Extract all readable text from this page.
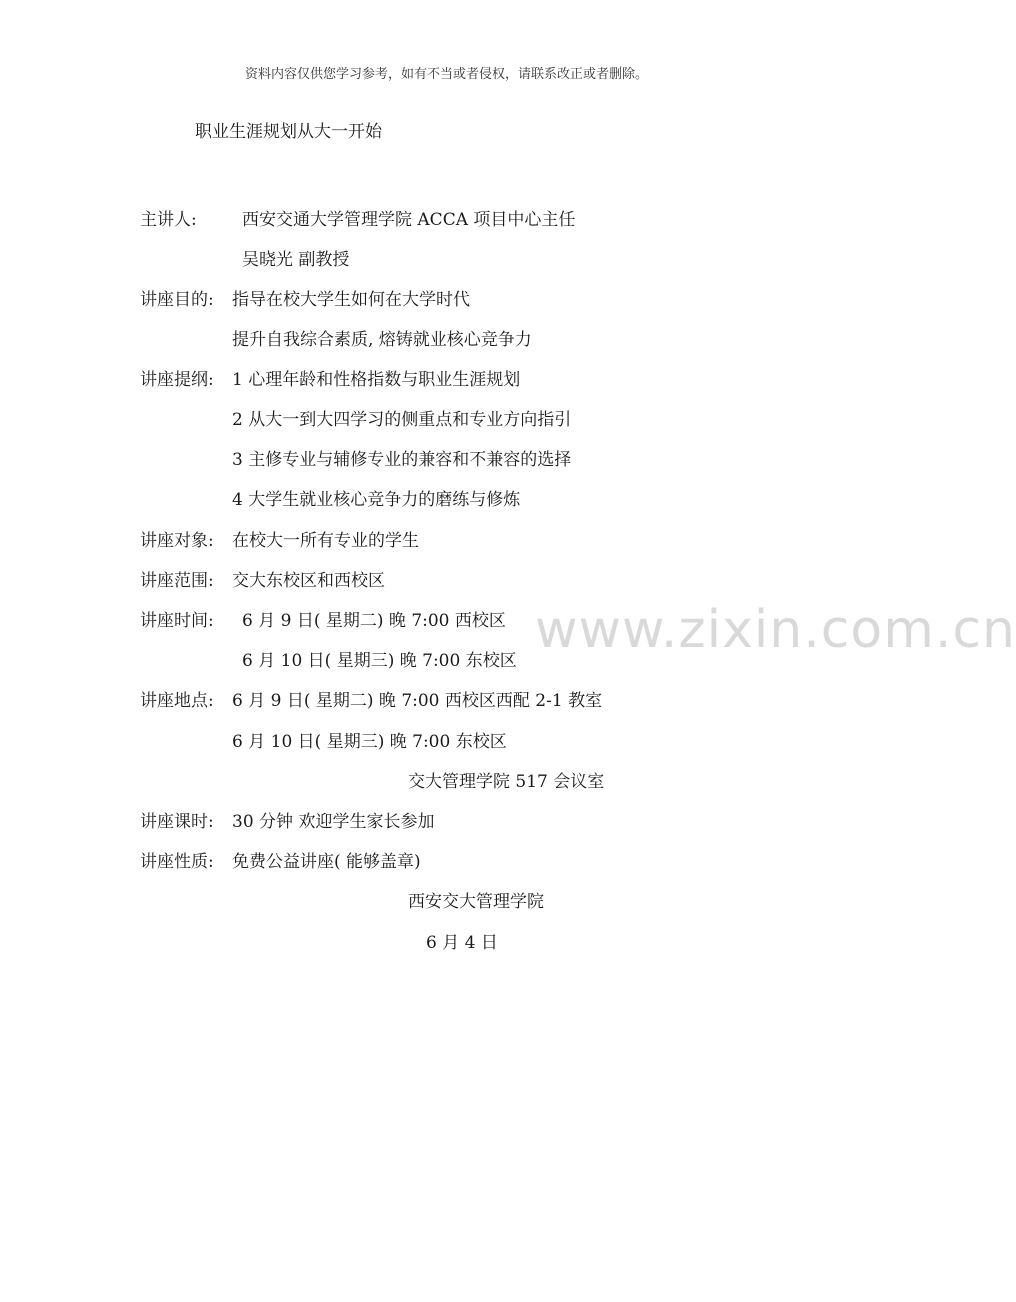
www.zixin.com.cn
资料内容仅供您学习参考，如有不当或者侵权，请联系改正或者删除。
职业生涯规划从大一开始
主讲人:	西安交通大学管理学院 ACCA 项目中心主任
吴晓光 副教授
讲座目的: 指导在校大学生如何在大学时代
提升自我综合素质, 熔铸就业核心竞争力
讲座提纲: 1 心理年龄和性格指数与职业生涯规划
2 从大一到大四学习的侧重点和专业方向指引
3 主修专业与辅修专业的兼容和不兼容的选择
4 大学生就业核心竞争力的磨练与修炼
讲座对象: 在校大一所有专业的学生
讲座范围: 交大东校区和西校区
讲座时间: 6 月 9 日( 星期二) 晚 7:00 西校区
6 月 10 日( 星期三) 晚 7:00 东校区
讲座地点: 6 月 9 日( 星期二) 晚 7:00 西校区西配 2-1 教室
6 月 10 日( 星期三) 晚 7:00 东校区
交大管理学院 517 会议室
讲座课时: 30 分钟 欢迎学生家长参加
讲座性质: 免费公益讲座( 能够盖章)
西安交大管理学院
6 月 4 日
